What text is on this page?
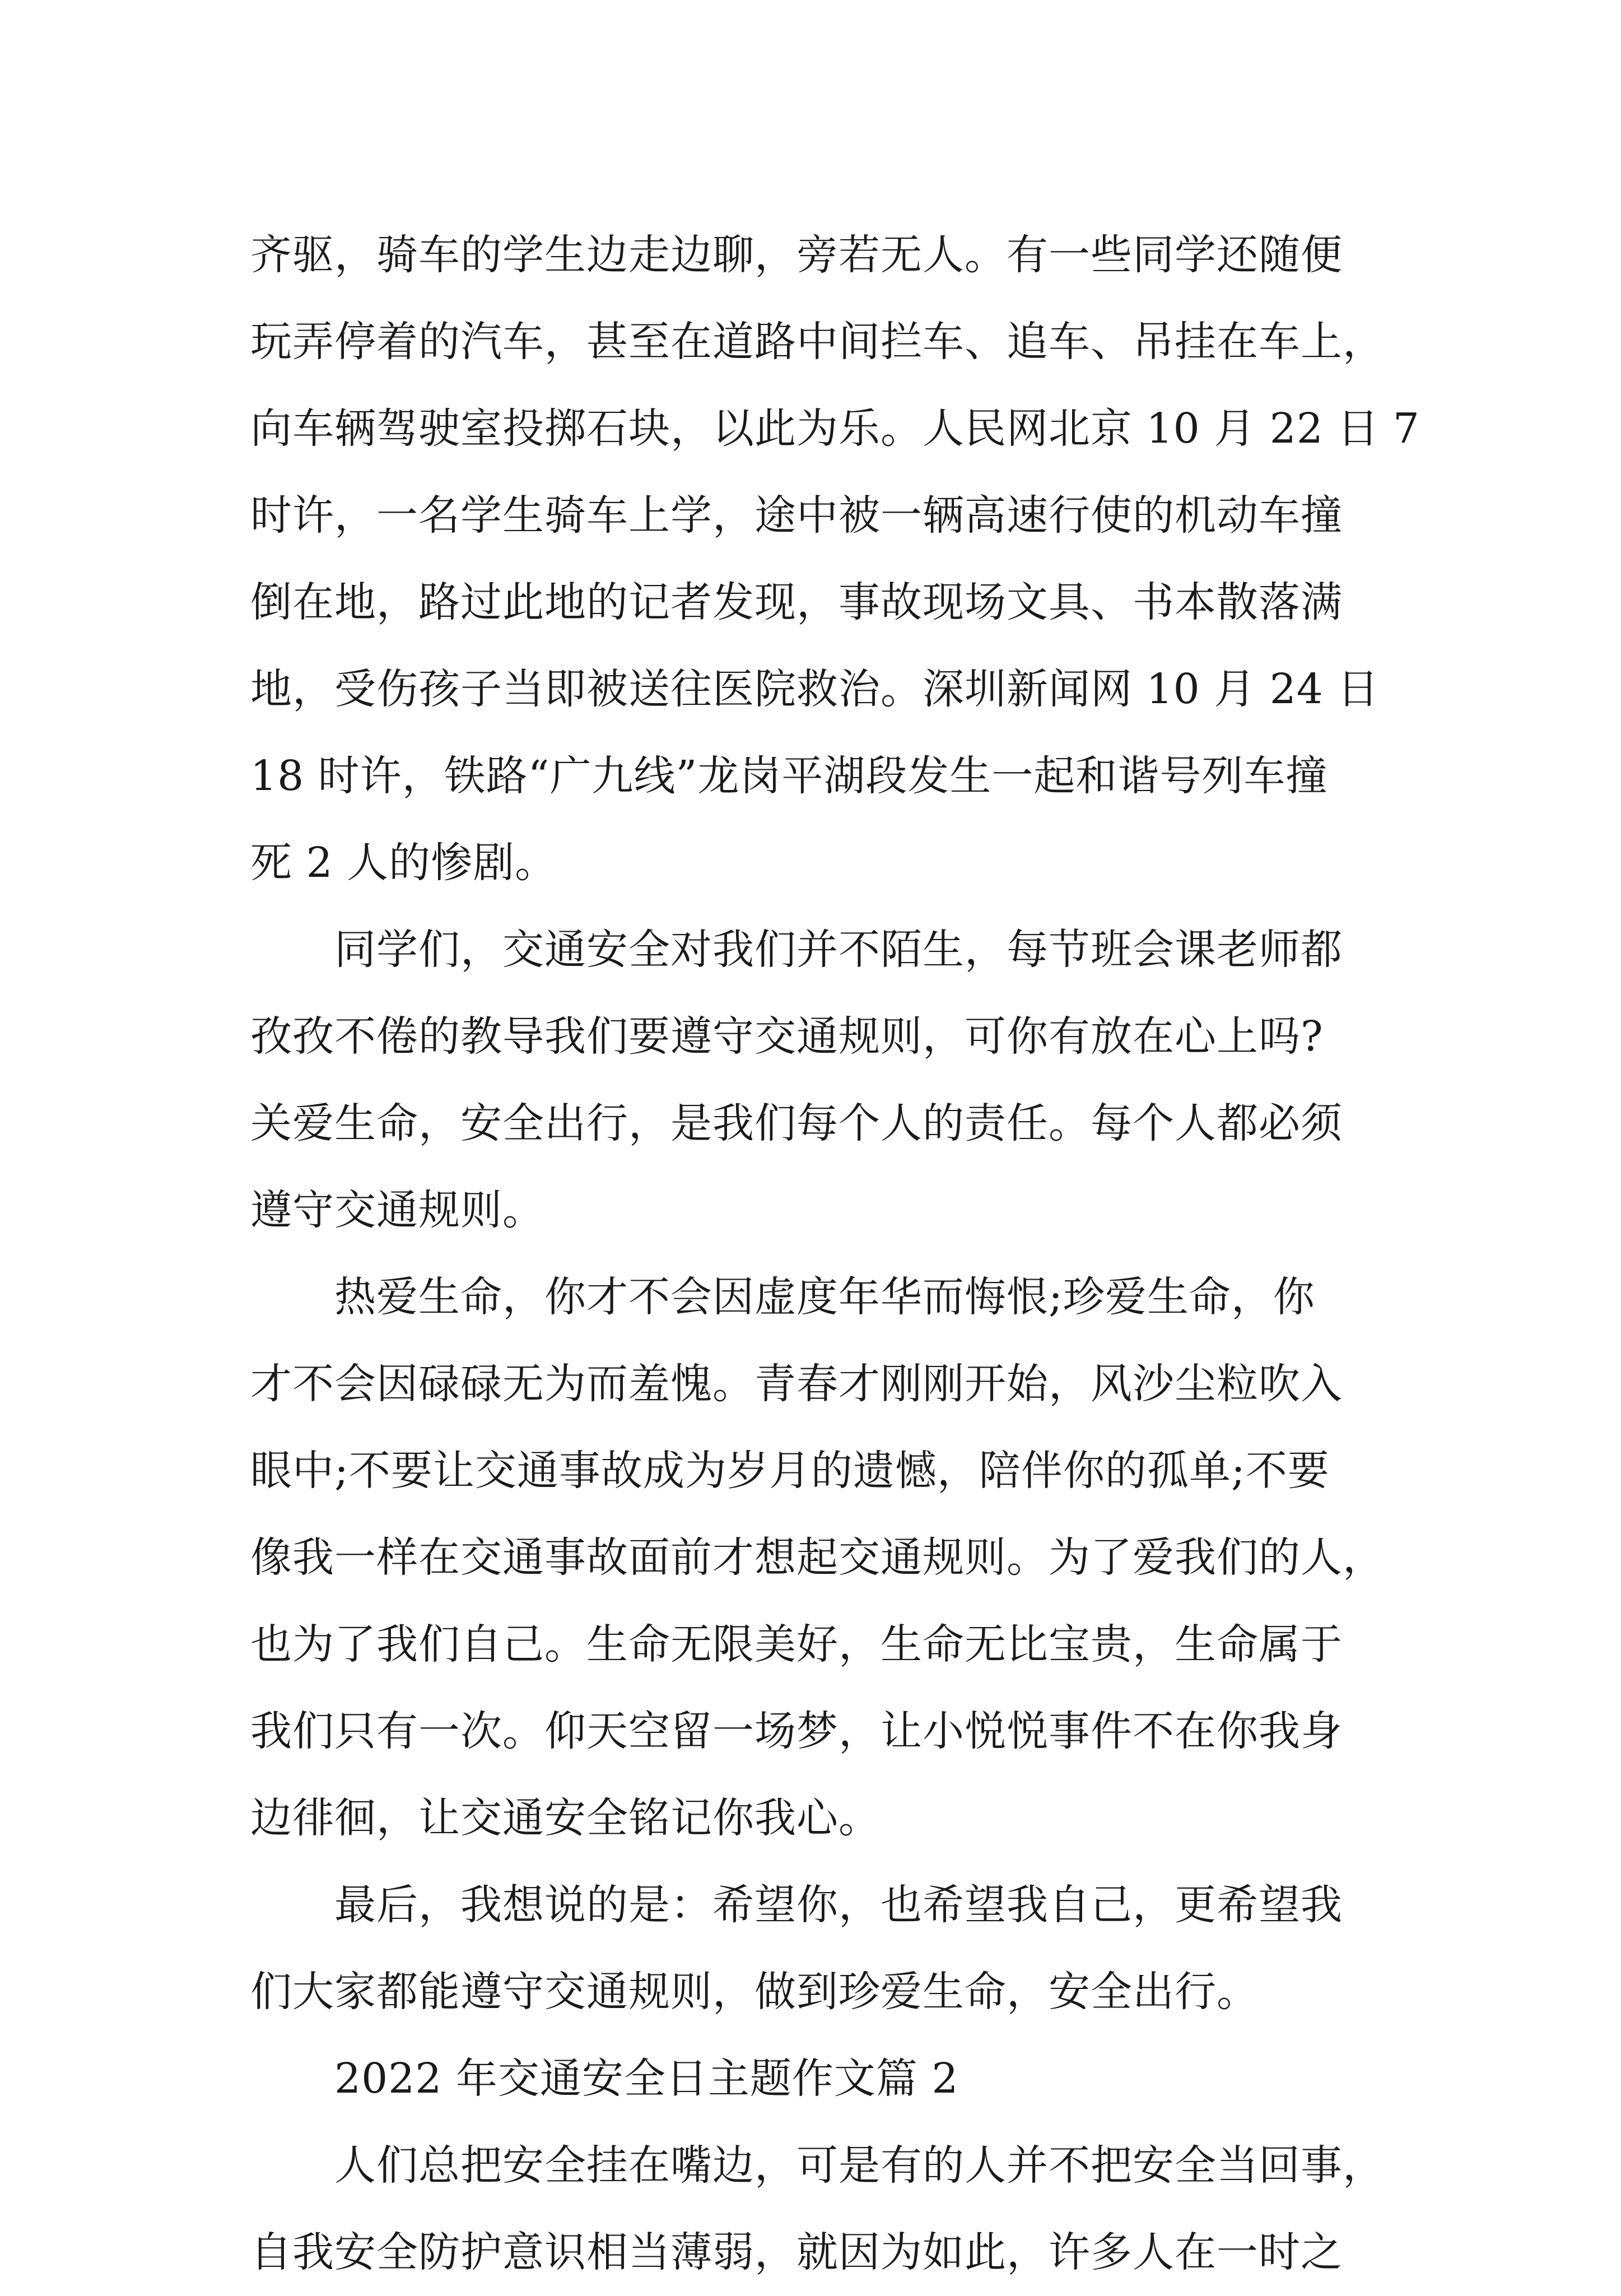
齐驱，骑车的学生边走边聊，旁若无人。有一些同学还随便
玩弄停着的汽车，甚至在道路中间拦车、追车、吊挂在车上，
向车辆驾驶室投掷石块，以此为乐。人民网北京 10 月 22 日 7
时许，一名学生骑车上学，途中被一辆高速行使的机动车撞
倒在地，路过此地的记者发现，事故现场文具、书本散落满
地，受伤孩子当即被送往医院救治。深圳新闻网 10 月 24 日
18 时许，铁路“广九线”龙岗平湖段发生一起和谐号列车撞
死 2 人的惨剧。
同学们，交通安全对我们并不陌生，每节班会课老师都
孜孜不倦的教导我们要遵守交通规则，可你有放在心上吗?
关爱生命，安全出行，是我们每个人的责任。每个人都必须
遵守交通规则。
热爱生命，你才不会因虚度年华而悔恨;珍爱生命，你
才不会因碌碌无为而羞愧。青春才刚刚开始，风沙尘粒吹入
眼中;不要让交通事故成为岁月的遗憾，陪伴你的孤单;不要
像我一样在交通事故面前才想起交通规则。为了爱我们的人，
也为了我们自己。生命无限美好，生命无比宝贵，生命属于
我们只有一次。仰天空留一场梦，让小悦悦事件不在你我身
边徘徊，让交通安全铭记你我心。
最后，我想说的是：希望你，也希望我自己，更希望我
们大家都能遵守交通规则，做到珍爱生命，安全出行。
2022 年交通安全日主题作文篇 2
人们总把安全挂在嘴边，可是有的人并不把安全当回事，
自我安全防护意识相当薄弱，就因为如此，许多人在一时之
